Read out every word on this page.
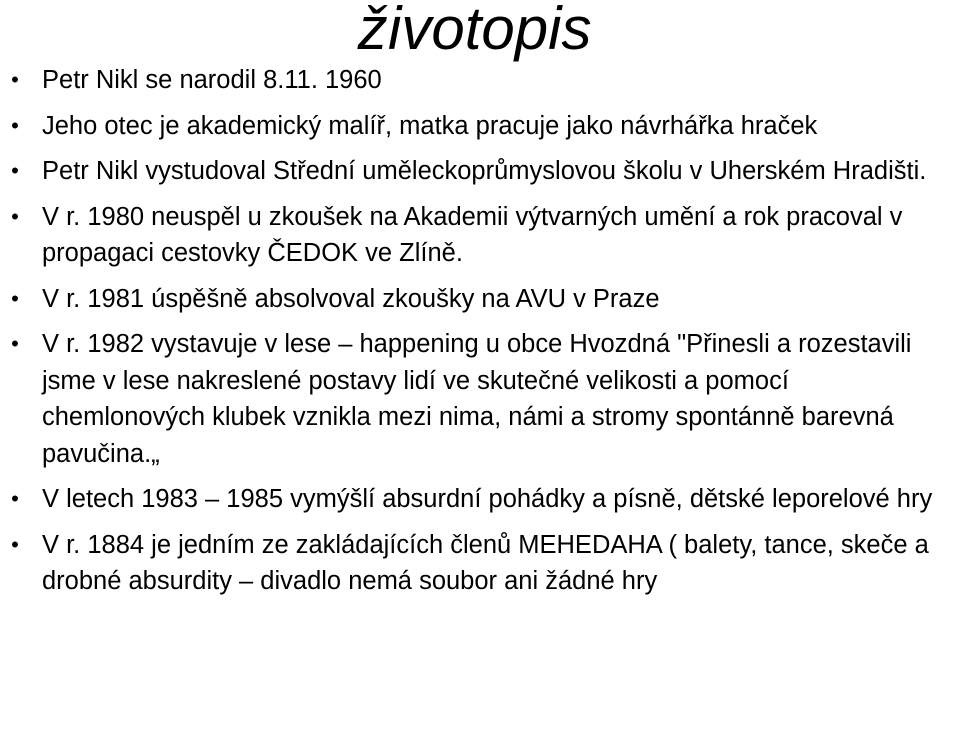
životopis
• Petr Nikl se narodil 8.11. 1960
• Jeho otec je akademický malíř, matka pracuje jako návrhářka hraček
• Petr Nikl vystudoval Střední uměleckoprůmyslovou školu v Uherském Hradišti.
• V r. 1980 neuspěl u zkoušek na Akademii výtvarných umění a rok pracoval v propagaci cestovky ČEDOK ve Zlíně.
• V r. 1981 úspěšně absolvoval zkoušky na AVU v Praze
• V r. 1982 vystavuje v lese – happening u obce Hvozdná "Přinesli a rozestavili jsme v lese nakreslené postavy lidí ve skutečné velikosti a pomocí chemlonových klubek vznikla mezi nima, námi a stromy spontánně barevná pavučina.„
• V letech 1983 – 1985 vymýšlí absurdní pohádky a písně, dětské leporelové hry
• V r. 1884 je jedním ze zakládajících členů MEHEDAHA ( balety, tance, skeče a drobné absurdity – divadlo nemá soubor ani žádné hry
